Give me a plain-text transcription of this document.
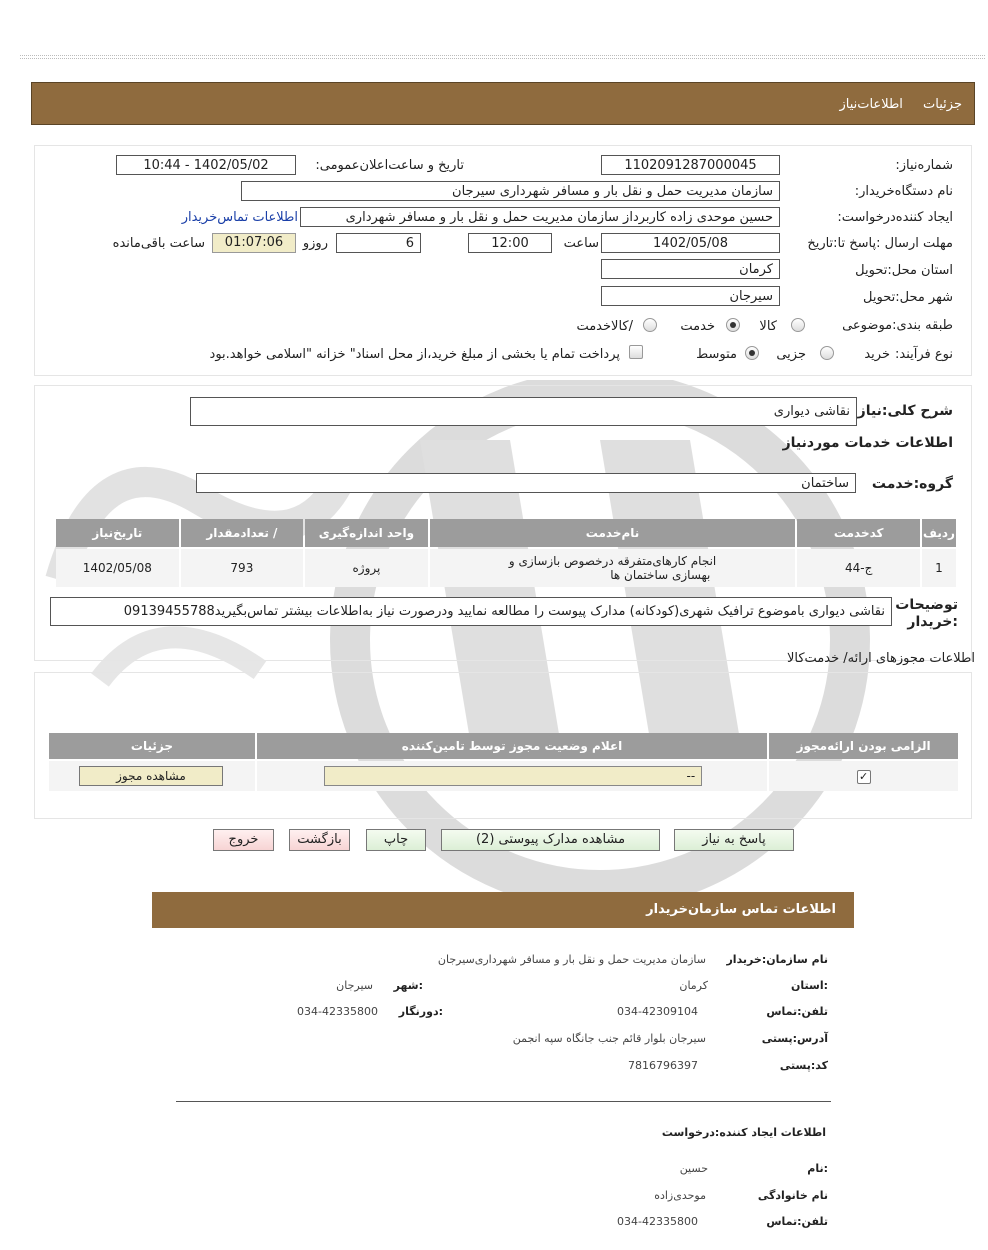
جزئیات اطلاعات‌نیاز
شماره‌نیاز:
1102091287000045
تاریخ و ساعت‌اعلان‌عمومی:
1402/05/02 - 10:44
نام دستگاه‌خریدار:
سازمان مدیریت حمل و نقل بار و مسافر شهرداری سیرجان
ایجاد کننده‌درخواست:
حسین موحدی زاده کاربرداز سازمان مدیریت حمل و نقل بار و مسافر شهرداری
اطلاعات تماس‌خریدار
مهلت ارسال :پاسخ تا‌:تاریخ
1402/05/08
ساعت
12:00
6
روزو
01:07:06
ساعت باقی‌مانده
استان محل‌:تحویل
کرمان
شهر محل‌:تحویل
سیرجان
طبقه بندی‌:موضوعی
کالا
خدمت
/کالاخدمت
نوع فرآیند:
خرید
جزیی
متوسط
پرداخت تمام یا بخشی از مبلغ خرید،از محل اسناد" خزانه "اسلامی خواهد.بود
شرح کلی‌:نیاز
نقاشی دیواری
اطلاعات خدمات موردنیاز
گروه‌:خدمت
ساختمان
ردیف	کدخدمت	نام‌خدمت	واحد اندازه‌گیری	/ تعدادمقدار	تاریخ‌نیاز
1	ج-44	انجام کارهای‌متفرقه درخصوص بازسازی و
بهسازی ساختمان ها	پروژه	793	1402/05/08
توضیحات
:خریدار
نقاشی دیواری باموضوع ترافیک شهری(کودکانه) مدارک پیوست را مطالعه نمایید ودرصورت نیاز به‌اطلاعات بیشتر تماس‌بگیرید09139455788
اطلاعات مجوزهای ارائه/ خدمت‌کالا
الزامی بودن ارائه‌مجوز	اعلام وضعیت مجوز توسط تامین‌کننده	جزئیات
✓	--	مشاهده مجوز
پاسخ به نیاز
مشاهده مدارک پیوستی (2)
چاپ
بازگشت
خروج
اطلاعات تماس سازمان‌خریدار
نام سازمان‌:خریدار
سازمان مدیریت حمل و نقل بار و مسافر شهرداری‌سیرجان
:استان
کرمان
:شهر
سیرجان
تلفن‌:تماس
034-42309104
:دورنگار
034-42335800
آدرس‌:پستی
سیرجان بلوار قائم جنب جانگاه سپه انجمن
کد‌:پستی
7816796397
اطلاعات ایجاد کننده‌:درخواست
:نام
حسین
نام خانوادگی
موحدی‌زاده
تلفن‌:تماس
034-42335800
